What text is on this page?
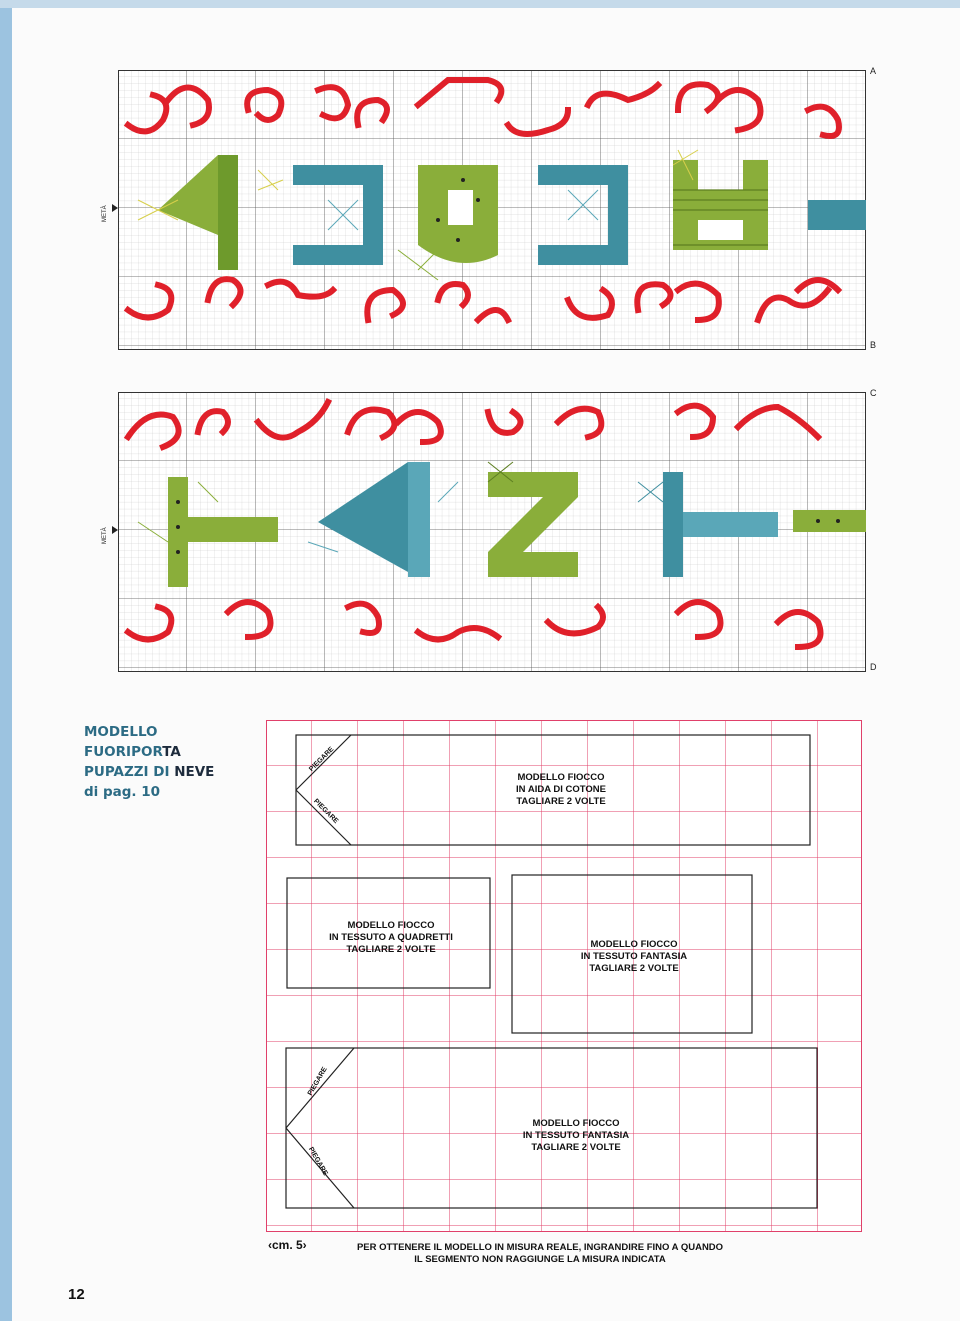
A
B
METÀ
C
D
METÀ
MODELLO
FUORIPORTA
PUPAZZI DI NEVE
di pag. 10
MODELLO FIOCCO
IN AIDA DI COTONE
TAGLIARE 2 VOLTE
MODELLO FIOCCO
IN TESSUTO A QUADRETTI
TAGLIARE 2 VOLTE	MODELLO FIOCCO
IN TESSUTO FANTASIA
TAGLIARE 2 VOLTE
MODELLO FIOCCO
IN TESSUTO FANTASIA
TAGLIARE 2 VOLTE
PIEGARE
PIEGARE
PIEGARE
PIEGARE
‹cm. 5›	PER OTTENERE IL MODELLO IN MISURA REALE, INGRANDIRE FINO A QUANDO
IL SEGMENTO NON RAGGIUNGE LA MISURA INDICATA
12
